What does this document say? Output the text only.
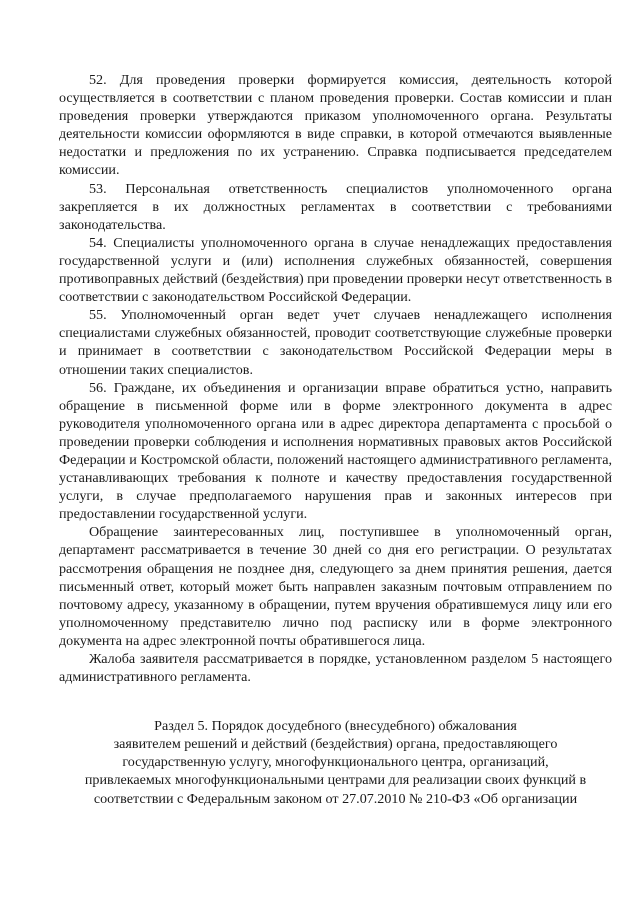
52. Для проведения проверки формируется комиссия, деятельность которой осуществляется в соответствии с планом проведения проверки. Состав комиссии и план проведения проверки утверждаются приказом уполномоченного органа. Результаты деятельности комиссии оформляются в виде справки, в которой отмечаются выявленные недостатки и предложения по их устранению. Справка подписывается председателем комиссии.

53. Персональная ответственность специалистов уполномоченного органа закрепляется в их должностных регламентах в соответствии с требованиями законодательства.

54. Специалисты уполномоченного органа в случае ненадлежащих предоставления государственной услуги и (или) исполнения служебных обязанностей, совершения противоправных действий (бездействия) при проведении проверки несут ответственность в соответствии с законодательством Российской Федерации.

55. Уполномоченный орган ведет учет случаев ненадлежащего исполнения специалистами служебных обязанностей, проводит соответствующие служебные проверки и принимает в соответствии с законодательством Российской Федерации меры в отношении таких специалистов.

56. Граждане, их объединения и организации вправе обратиться устно, направить обращение в письменной форме или в форме электронного документа в адрес руководителя уполномоченного органа или в адрес директора департамента с просьбой о проведении проверки соблюдения и исполнения нормативных правовых актов Российской Федерации и Костромской области, положений настоящего административного регламента, устанавливающих требования к полноте и качеству предоставления государственной услуги, в случае предполагаемого нарушения прав и законных интересов при предоставлении государственной услуги.

Обращение заинтересованных лиц, поступившее в уполномоченный орган, департамент рассматривается в течение 30 дней со дня его регистрации. О результатах рассмотрения обращения не позднее дня, следующего за днем принятия решения, дается письменный ответ, который может быть направлен заказным почтовым отправлением по почтовому адресу, указанному в обращении, путем вручения обратившемуся лицу или его уполномоченному представителю лично под расписку или в форме электронного документа на адрес электронной почты обратившегося лица.

Жалоба заявителя рассматривается в порядке, установленном разделом 5 настоящего административного регламента.

Раздел 5. Порядок досудебного (внесудебного) обжалования
заявителем решений и действий (бездействия) органа, предоставляющего
государственную услугу, многофункционального центра, организаций,
привлекаемых многофункциональными центрами для реализации своих функций в
соответствии с Федеральным законом от 27.07.2010 № 210-ФЗ «Об организации
